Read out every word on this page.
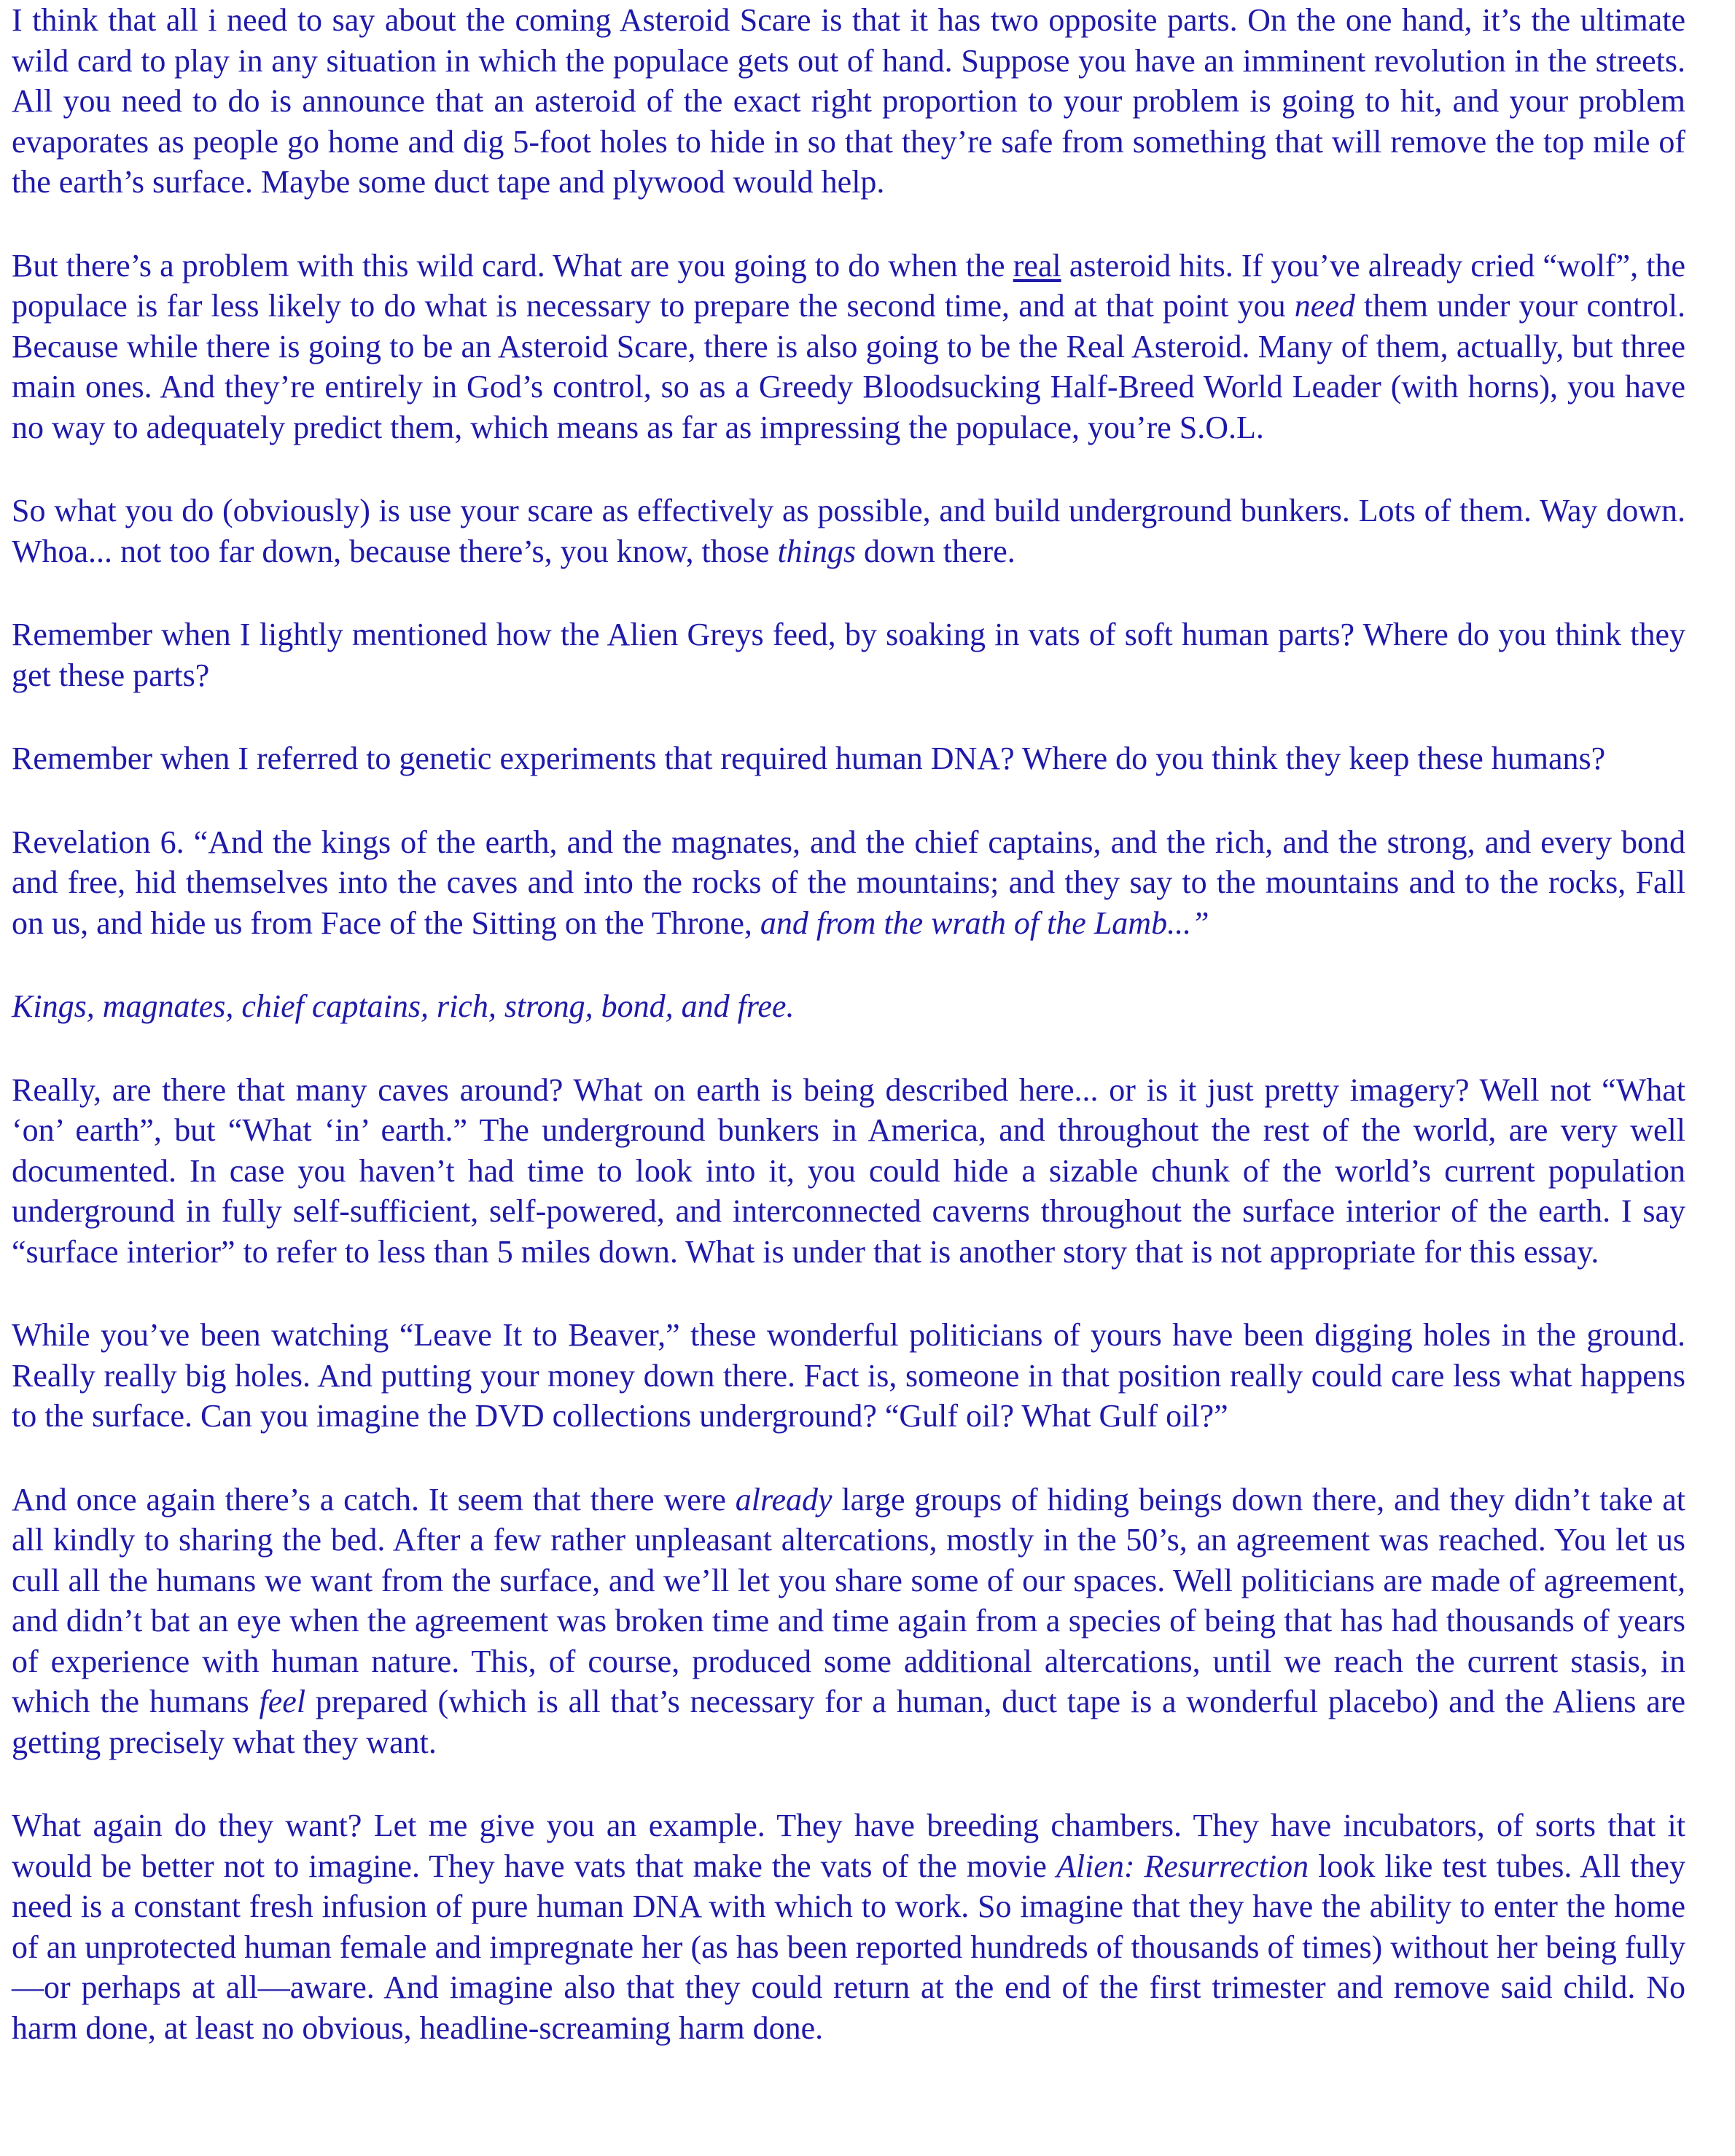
I think that all i need to say about the coming Asteroid Scare is that it has two opposite parts. On the one hand, it’s the ultimate wild card to play in any situation in which the populace gets out of hand. Suppose you have an imminent revolution in the streets. All you need to do is announce that an asteroid of the exact right proportion to your problem is going to hit, and your problem evaporates as people go home and dig 5-foot holes to hide in so that they’re safe from something that will remove the top mile of the earth’s surface. Maybe some duct tape and plywood would help.

But there’s a problem with this wild card. What are you going to do when the real asteroid hits. If you’ve already cried “wolf”, the populace is far less likely to do what is necessary to prepare the second time, and at that point you need them under your control. Because while there is going to be an Asteroid Scare, there is also going to be the Real Asteroid. Many of them, actually, but three main ones. And they’re entirely in God’s control, so as a Greedy Bloodsucking Half-Breed World Leader (with horns), you have no way to adequately predict them, which means as far as impressing the populace, you’re S.O.L.

So what you do (obviously) is use your scare as effectively as possible, and build underground bunkers. Lots of them. Way down. Whoa... not too far down, because there’s, you know, those things down there.

Remember when I lightly mentioned how the Alien Greys feed, by soaking in vats of soft human parts? Where do you think they get these parts?

Remember when I referred to genetic experiments that required human DNA? Where do you think they keep these humans?

Revelation 6. “And the kings of the earth, and the magnates, and the chief captains, and the rich, and the strong, and every bond and free, hid themselves into the caves and into the rocks of the mountains; and they say to the mountains and to the rocks, Fall on us, and hide us from Face of the Sitting on the Throne, and from the wrath of the Lamb...”

Kings, magnates, chief captains, rich, strong, bond, and free.

Really, are there that many caves around? What on earth is being described here... or is it just pretty imagery? Well not “What ‘on’ earth”, but “What ‘in’ earth.” The underground bunkers in America, and throughout the rest of the world, are very well documented. In case you haven’t had time to look into it, you could hide a sizable chunk of the world’s current population underground in fully self-sufficient, self-powered, and interconnected caverns throughout the surface interior of the earth. I say “surface interior” to refer to less than 5 miles down. What is under that is another story that is not appropriate for this essay.

While you’ve been watching “Leave It to Beaver,” these wonderful politicians of yours have been digging holes in the ground. Really really big holes. And putting your money down there. Fact is, someone in that position really could care less what happens to the surface. Can you imagine the DVD collections underground? “Gulf oil? What Gulf oil?”

And once again there’s a catch. It seem that there were already large groups of hiding beings down there, and they didn’t take at all kindly to sharing the bed. After a few rather unpleasant altercations, mostly in the 50’s, an agreement was reached. You let us cull all the humans we want from the surface, and we’ll let you share some of our spaces. Well politicians are made of agreement, and didn’t bat an eye when the agreement was broken time and time again from a species of being that has had thousands of years of experience with human nature. This, of course, produced some additional altercations, until we reach the current stasis, in which the humans feel prepared (which is all that’s necessary for a human, duct tape is a wonderful placebo) and the Aliens are getting precisely what they want.

What again do they want? Let me give you an example. They have breeding chambers. They have incubators, of sorts that it would be better not to imagine. They have vats that make the vats of the movie Alien: Resurrection look like test tubes. All they need is a constant fresh infusion of pure human DNA with which to work. So imagine that they have the ability to enter the home of an unprotected human female and impregnate her (as has been reported hundreds of thousands of times) without her being fully—or perhaps at all—aware. And imagine also that they could return at the end of the first trimester and remove said child. No harm done, at least no obvious, headline-screaming harm done.
